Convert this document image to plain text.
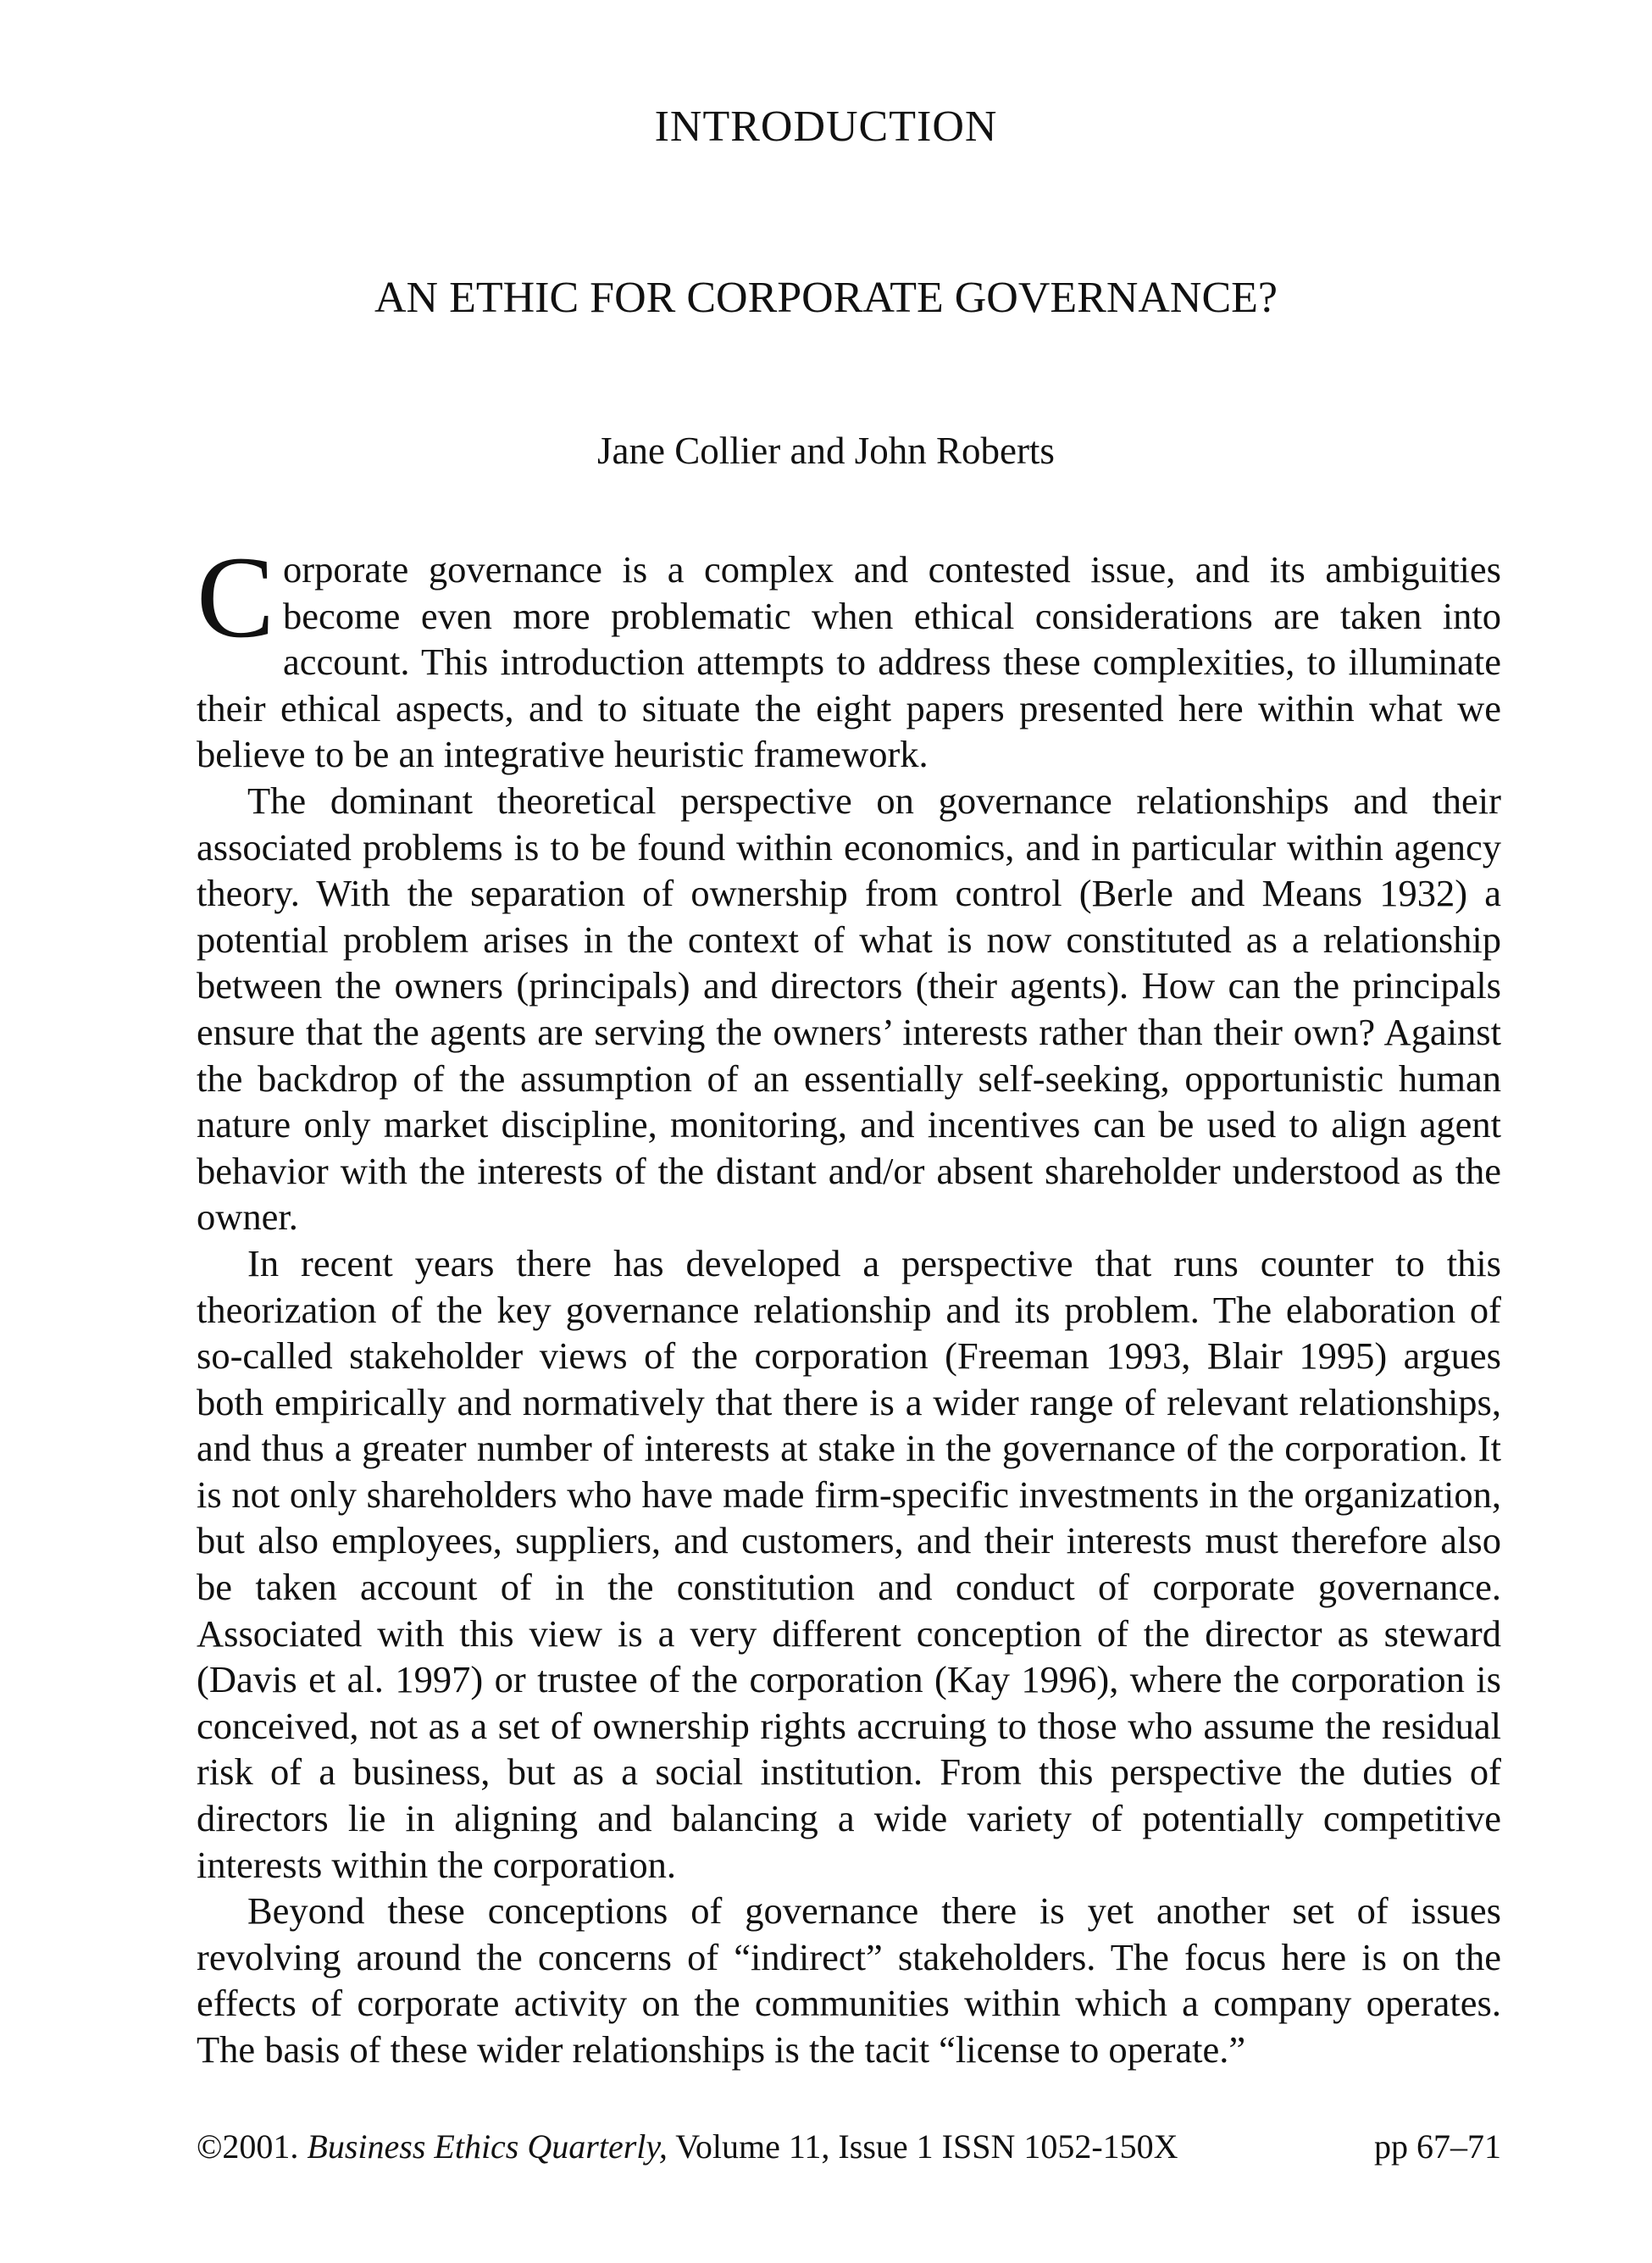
INTRODUCTION
AN ETHIC FOR CORPORATE GOVERNANCE?
Jane Collier and John Roberts

Corporate governance is a complex and contested issue, and its ambiguities become even more problematic when ethical considerations are taken into account. This introduction attempts to address these complexities, to illuminate their ethical aspects, and to situate the eight papers presented here within what we believe to be an integrative heuristic framework.

The dominant theoretical perspective on governance relationships and their associated problems is to be found within economics, and in particular within agency theory. With the separation of ownership from control (Berle and Means 1932) a potential problem arises in the context of what is now constituted as a relationship between the owners (principals) and directors (their agents). How can the principals ensure that the agents are serving the owners’ interests rather than their own? Against the backdrop of the assumption of an essentially self-seeking, opportunistic human nature only market discipline, monitoring, and incentives can be used to align agent behavior with the interests of the distant and/or absent shareholder understood as the owner.

In recent years there has developed a perspective that runs counter to this theorization of the key governance relationship and its problem. The elaboration of so-called stakeholder views of the corporation (Freeman 1993, Blair 1995) argues both empirically and normatively that there is a wider range of relevant relationships, and thus a greater number of interests at stake in the governance of the corporation. It is not only shareholders who have made firm-specific investments in the organization, but also employees, suppliers, and customers, and their interests must therefore also be taken account of in the constitution and conduct of corporate governance. Associated with this view is a very different conception of the director as steward (Davis et al. 1997) or trustee of the corporation (Kay 1996), where the corporation is conceived, not as a set of ownership rights accruing to those who assume the residual risk of a business, but as a social institution. From this perspective the duties of directors lie in aligning and balancing a wide variety of potentially competitive interests within the corporation.

Beyond these conceptions of governance there is yet another set of issues revolving around the concerns of “indirect” stakeholders. The focus here is on the effects of corporate activity on the communities within which a company operates. The basis of these wider relationships is the tacit “license to operate.”

©2001. Business Ethics Quarterly, Volume 11, Issue 1 ISSN 1052-150X	pp 67–71
